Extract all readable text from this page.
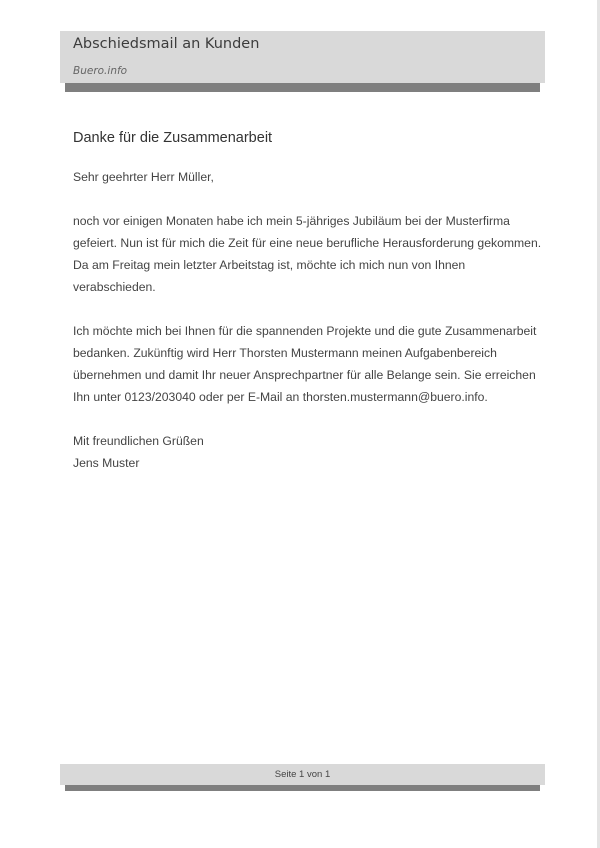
Abschiedsmail an Kunden
Buero.info
Danke für die Zusammenarbeit

Sehr geehrter Herr Müller,

noch vor einigen Monaten habe ich mein 5-jähriges Jubiläum bei der Musterfirma
gefeiert. Nun ist für mich die Zeit für eine neue berufliche Herausforderung gekommen.
Da am Freitag mein letzter Arbeitstag ist, möchte ich mich nun von Ihnen
verabschieden.

Ich möchte mich bei Ihnen für die spannenden Projekte und die gute Zusammenarbeit
bedanken. Zukünftig wird Herr Thorsten Mustermann meinen Aufgabenbereich
übernehmen und damit Ihr neuer Ansprechpartner für alle Belange sein. Sie erreichen
Ihn unter 0123/203040 oder per E-Mail an thorsten.mustermann@buero.info.

Mit freundlichen Grüßen
Jens Muster
Seite 1 von 1
